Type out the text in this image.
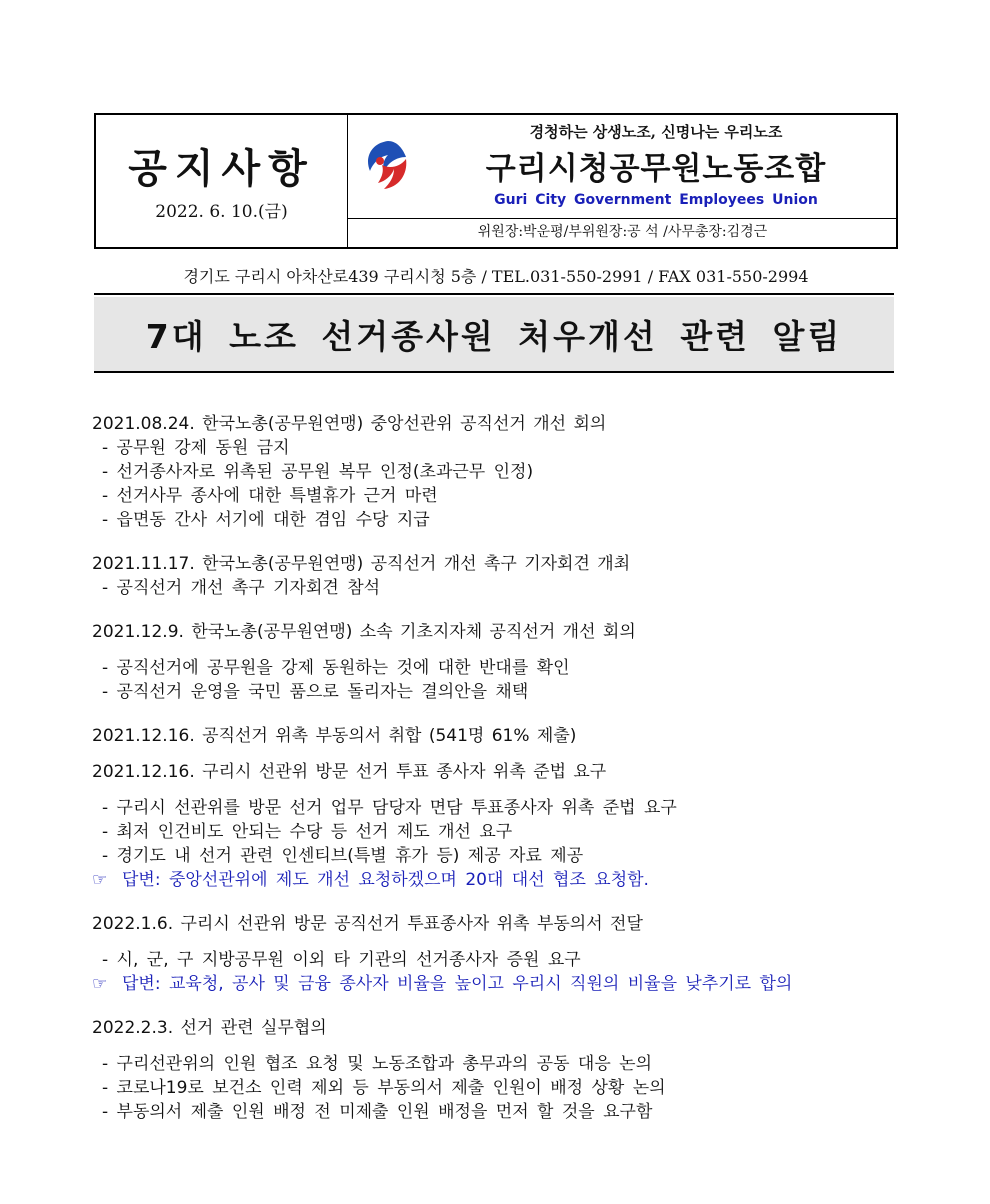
공지사항
2022. 6. 10.(금)
경청하는 상생노조, 신명나는 우리노조
구리시청공무원노동조합
Guri City Government Employees Union
위원장:박운평/부위원장:공 석 /사무총장:김경근
경기도 구리시 아차산로439 구리시청 5층 / TEL.031-550-2991 / FAX 031-550-2994
7대 노조 선거종사원 처우개선 관련 알림
2021.08.24. 한국노총(공무원연맹) 중앙선관위 공직선거 개선 회의
- 공무원 강제 동원 금지
- 선거종사자로 위촉된 공무원 복무 인정(초과근무 인정)
- 선거사무 종사에 대한 특별휴가 근거 마련
- 읍면동 간사 서기에 대한 겸임 수당 지급
2021.11.17. 한국노총(공무원연맹) 공직선거 개선 촉구 기자회견 개최
- 공직선거 개선 촉구 기자회견 참석
2021.12.9. 한국노총(공무원연맹) 소속 기초지자체 공직선거 개선 회의
- 공직선거에 공무원을 강제 동원하는 것에 대한 반대를 확인
- 공직선거 운영을 국민 품으로 돌리자는 결의안을 채택
2021.12.16. 공직선거 위촉 부동의서 취합 (541명 61% 제출)
2021.12.16. 구리시 선관위 방문 선거 투표 종사자 위촉 준법 요구
- 구리시 선관위를 방문 선거 업무 담당자 면담 투표종사자 위촉 준법 요구
- 최저 인건비도 안되는 수당 등 선거 제도 개선 요구
- 경기도 내 선거 관련 인센티브(특별 휴가 등) 제공 자료 제공
☞ 답변: 중앙선관위에 제도 개선 요청하겠으며 20대 대선 협조 요청함.
2022.1.6. 구리시 선관위 방문 공직선거 투표종사자 위촉 부동의서 전달
- 시, 군, 구 지방공무원 이외 타 기관의 선거종사자 증원 요구
☞ 답변: 교육청, 공사 및 금융 종사자 비율을 높이고 우리시 직원의 비율을 낮추기로 합의
2022.2.3. 선거 관련 실무협의
- 구리선관위의 인원 협조 요청 및 노동조합과 총무과의 공동 대응 논의
- 코로나19로 보건소 인력 제외 등 부동의서 제출 인원이 배정 상황 논의
- 부동의서 제출 인원 배정 전 미제출 인원 배정을 먼저 할 것을 요구함
